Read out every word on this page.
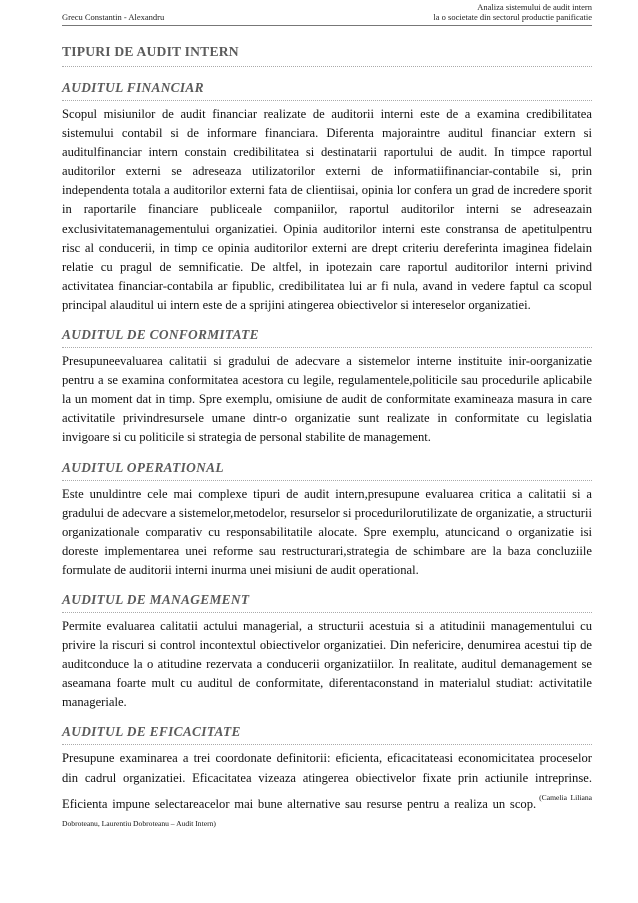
Grecu Constantin - Alexandru
Analiza sistemului de audit intern
la o societate din sectorul productie panificatie
TIPURI DE AUDIT INTERN
AUDITUL FINANCIAR

Scopul misiunilor de audit financiar realizate de auditorii interni este de a examina credibilitatea sistemului contabil si de informare financiara. Diferenta majoraintre auditul financiar extern si auditulfinanciar intern constain credibilitatea si destinatarii raportului de audit. In timpce raportul auditorilor externi se adreseaza utilizatorilor externi de informatiifinanciar-contabile si, prin independenta totala a auditorilor externi fata de clientiisai, opinia lor confera un grad de incredere sporit in raportarile financiare publiceale companiilor, raportul auditorilor interni se adreseazain exclusivitatemanagementului organizatiei. Opinia auditorilor interni este constransa de apetitulpentru risc al conducerii, in timp ce opinia auditorilor externi are drept criteriu dereferinta imaginea fidelain relatie cu pragul de semnificatie. De altfel, in ipotezain care raportul auditorilor interni privind activitatea financiar-contabila ar fipublic, credibilitatea lui ar fi nula, avand in vedere faptul ca scopul principal alauditul ui intern este de a sprijini atingerea obiectivelor si intereselor organizatiei.

AUDITUL DE CONFORMITATE

Presupuneevaluarea calitatii si gradului de adecvare a sistemelor interne instituite inir-oorganizatie pentru a se examina conformitatea acestora cu legile, regulamentele,politicile sau procedurile aplicabile la un moment dat in timp. Spre exemplu, omisiune de audit de conformitate examineaza masura in care activitatile privindresursele umane dintr-o organizatie sunt realizate in conformitate cu legislatia invigoare si cu politicile si strategia de personal stabilite de management.

AUDITUL OPERATIONAL

Este unuldintre cele mai complexe tipuri de audit intern,presupune evaluarea critica a calitatii si a gradului de adecvare a sistemelor,metodelor, resurselor si procedurilorutilizate de organizatie, a structurii organizationale comparativ cu responsabilitatile alocate. Spre exemplu, atuncicand o organizatie isi doreste implementarea unei reforme sau restructurari,strategia de schimbare are la baza concluziile formulate de auditorii interni inurma unei misiuni de audit operational.

AUDITUL DE MANAGEMENT

Permite evaluarea calitatii actului managerial, a structurii acestuia si a atitudinii managementului cu privire la riscuri si control incontextul obiectivelor organizatiei. Din nefericire, denumirea acestui tip de auditconduce la o atitudine rezervata a conducerii organizatiilor. In realitate, auditul demanagement se aseamana foarte mult cu auditul de conformitate, diferentaconstand in materialul studiat: activitatile manageriale.

AUDITUL DE EFICACITATE

Presupune examinarea a trei coordonate definitorii: eficienta, eficacitateasi economicitatea proceselor din cadrul organizatiei. Eficacitatea vizeaza atingerea obiectivelor fixate prin actiunile intreprinse. Eficienta impune selectareacelor mai bune alternative sau resurse pentru a realiza un scop. $^{(Camelia Liliana Dobroteanu, Laurentiu Dobroteanu - Audit Intern)}$
